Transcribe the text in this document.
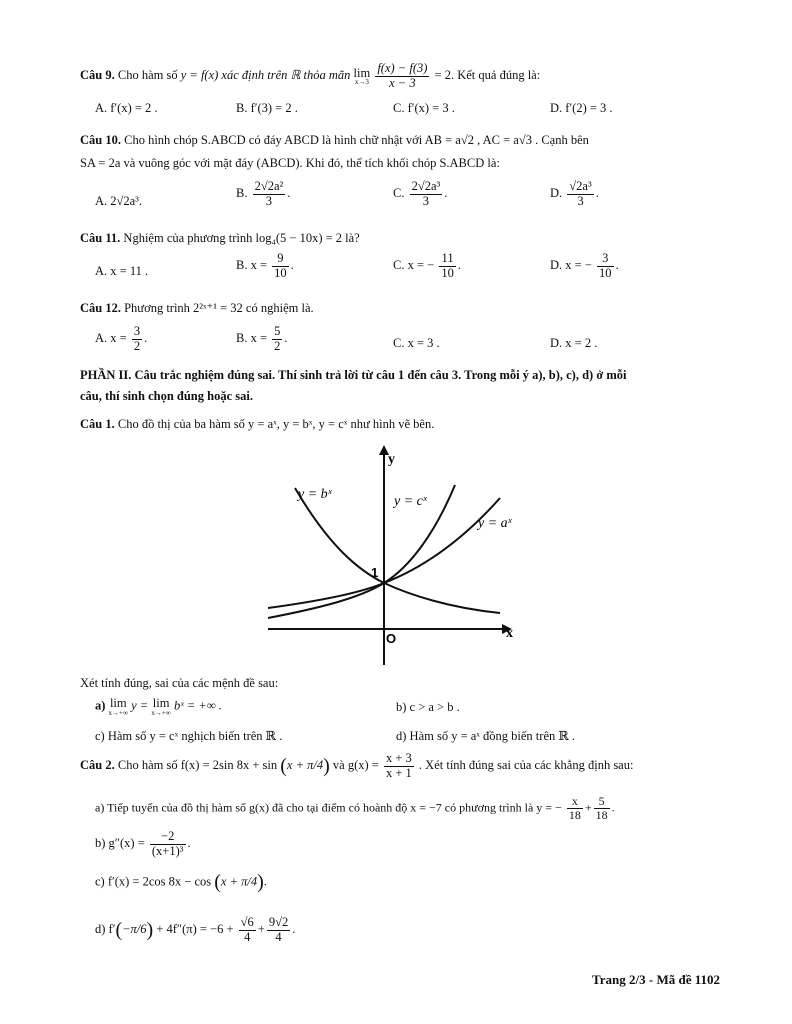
Câu 9. Cho hàm số y = f(x) xác định trên ℝ thỏa mãn lim
x→3
$\frac{f(x) - f(3)}{x - 3} = 2$. Kết quả đúng là:
A. f′(x) = 2 .	B. f′(3) = 2 .	C. f′(x) = 3 .	D. f′(2) = 3 .
Câu 10. Cho hình chóp S.ABCD có đáy ABCD là hình chữ nhật với AB = a√2 , AC = a√3 . Cạnh bên
SA = 2a và vuông góc với mặt đáy (ABCD). Khi đó, thể tích khối chóp S.ABCD là:
A. 2√2a³.
B. $\frac{\text{2√2a²}}{3}$ .	C. $\frac{\text{2√2a³}}{3}$ .	D. $\frac{\text{√2a³}}{3}$ .
Câu 11. Nghiệm của phương trình log₄(5 − 10x) = 2 là?
A. x = 11 .	B. $x = \frac{9}{10}$ .	C. x = − $\frac{11}{10}$ .	D. x = − $\frac{3}{10}$ .
Câu 12. Phương trình 2²ˣ⁺¹ = 32 có nghiệm là.
A. $x = \frac{3}{2}$ .	B. $x = \frac{5}{2}$ .	C. x = 3 .	D. x = 2 .
PHẦN II. Câu trắc nghiệm đúng sai. Thí sinh trả lời từ câu 1 đến câu 3. Trong mỗi ý a), b), c), d) ở mỗi
câu, thí sinh chọn đúng hoặc sai.
Câu 1. Cho đồ thị của ba hàm số y = aˣ, y = bˣ, y = cˣ như hình vẽ bên.
y
x
O
1
y = bˣ	y = cˣ
y = aˣ
Xét tính đúng, sai của các mệnh đề sau:
a) lim
x→+∞ y = lim
x→+∞ bˣ = +∞ .	b) c > a > b .
c) Hàm số y = cˣ nghịch biến trên ℝ .	d) Hàm số y = aˣ đồng biến trên ℝ .
Câu 2. Cho hàm số f(x) = 2sin 8x + sin (x + π/4) và $g(x) = \frac{x + 3}{x + 1}$ . Xét tính đúng sai của các khẳng định sau:
a) Tiếp tuyến của đồ thị hàm số g(x) đã cho tại điểm có hoành độ x = −7 có phương trình là y = − $\frac{x}{18} + \frac{5}{18}$ .
b) $g''(x) = \frac{-2}{\text{(x+1)³}}$ .
c) f′(x) = 2cos 8x − cos (x + π/4).
d) $f'(-\pi/6) + 4f''(\pi) = -6 + \frac{√6}{4} + \frac{9√2}{4}$ .
Trang 2/3 - Mã đề 1102
